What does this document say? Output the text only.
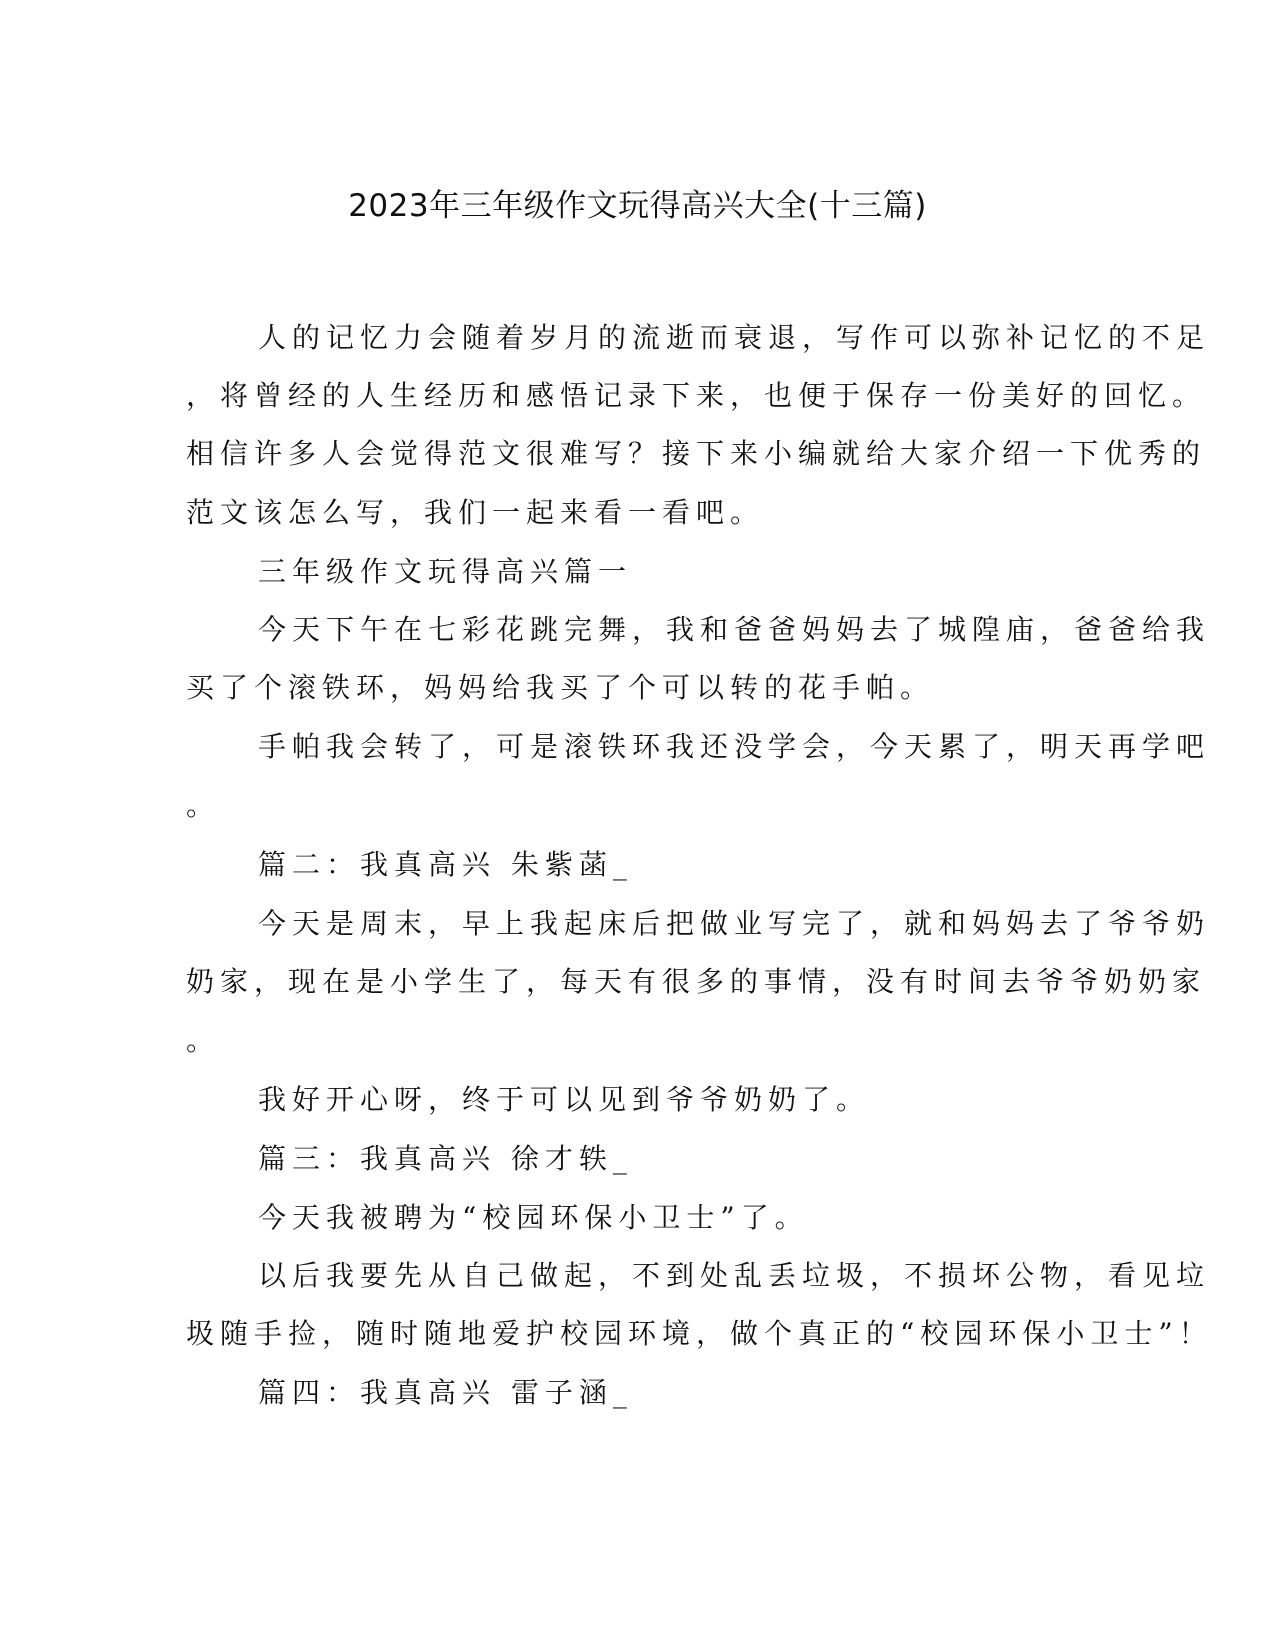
2023年三年级作文玩得高兴大全(十三篇)
人的记忆力会随着岁月的流逝而衰退，写作可以弥补记忆的不足
，将曾经的人生经历和感悟记录下来，也便于保存一份美好的回忆。
相信许多人会觉得范文很难写？接下来小编就给大家介绍一下优秀的
范文该怎么写，我们一起来看一看吧。
三年级作文玩得高兴篇一
今天下午在七彩花跳完舞，我和爸爸妈妈去了城隍庙，爸爸给我
买了个滚铁环，妈妈给我买了个可以转的花手帕。
手帕我会转了，可是滚铁环我还没学会，今天累了，明天再学吧
。
篇二：我真高兴 朱紫菡_
今天是周末，早上我起床后把做业写完了，就和妈妈去了爷爷奶
奶家，现在是小学生了，每天有很多的事情，没有时间去爷爷奶奶家
。
我好开心呀，终于可以见到爷爷奶奶了。
篇三：我真高兴 徐才轶_
今天我被聘为“校园环保小卫士”了。
以后我要先从自己做起，不到处乱丢垃圾，不损坏公物，看见垃
圾随手捡，随时随地爱护校园环境，做个真正的“校园环保小卫士”！
篇四：我真高兴 雷子涵_
